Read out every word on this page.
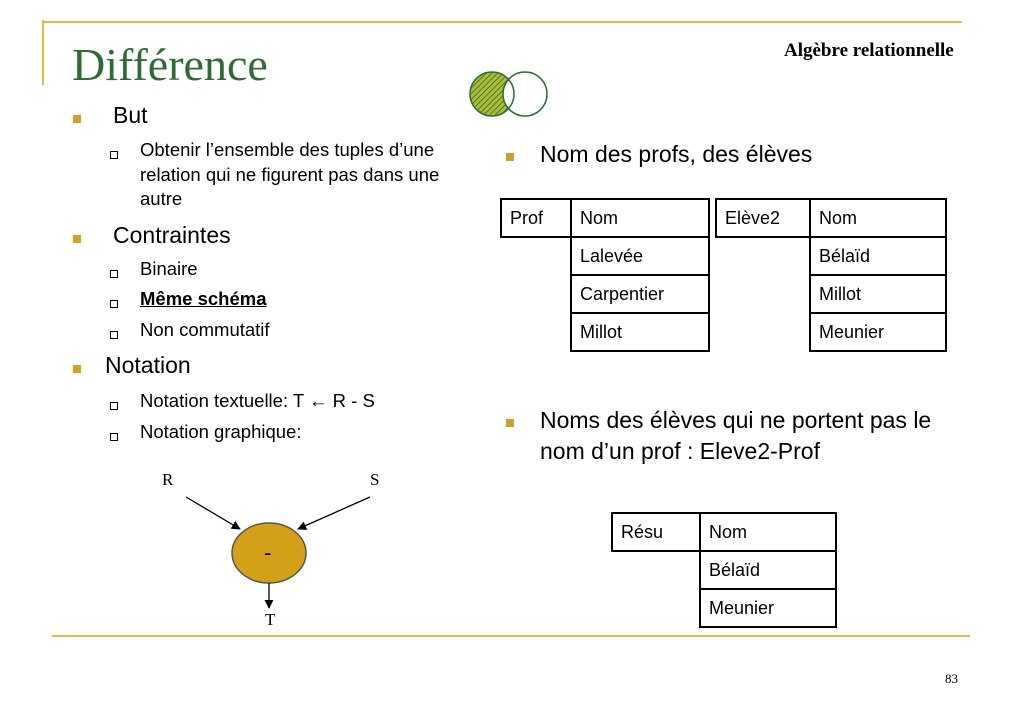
Différence	Algèbre relationnelle
But
Obtenir l’ensemble des tuples d’une relation qui ne figurent pas dans une autre
Contraintes
Binaire
Même schéma
Non commutatif
Notation
Notation textuelle: T ← R - S
Notation graphique:
R	S
-
T
Nom des profs, des élèves
Prof	Nom
	Lalevée
	Carpentier
	Millot
Elève2	Nom
	Bélaïd
	Millot
	Meunier
Noms des élèves qui ne portent pas le nom d’un prof : Eleve2-Prof
Résu	Nom
	Bélaïd
	Meunier
83
